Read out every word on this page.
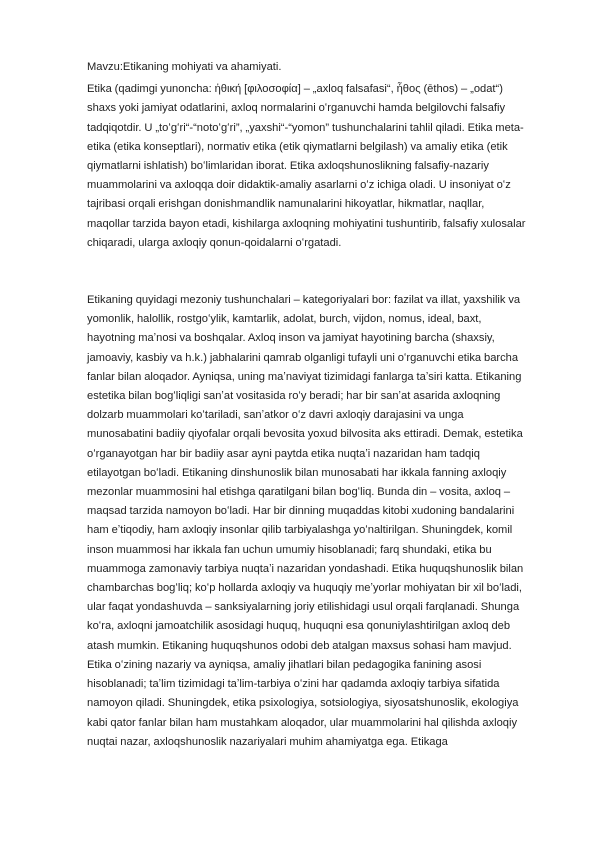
Mavzu:Etikaning mohiyati va ahamiyati.

Etika (qadimgi yunoncha: ἠθική [φιλοσοφία] – „axloq falsafasi“, ἦθος (ēthos) – „odat“) shaxs yoki jamiyat odatlarini, axloq normalarini oʻrganuvchi hamda belgilovchi falsafiy tadqiqotdir. U „toʻgʻri“-“notoʻgʻri”, „yaxshi“-“yomon” tushunchalarini tahlil qiladi. Etika meta-etika (etika konseptlari), normativ etika (etik qiymatlarni belgilash) va amaliy etika (etik qiymatlarni ishlatish) boʻlimlaridan iborat. Etika axloqshunoslikning falsafiy-nazariy muammolarini va axloqqa doir didaktik-amaliy asarlarni oʻz ichiga oladi. U insoniyat oʻz tajribasi orqali erishgan donishmandlik namunalarini hikoyatlar, hikmatlar, naqllar, maqollar tarzida bayon etadi, kishilarga axloqning mohiyatini tushuntirib, falsafiy xulosalar chiqaradi, ularga axloqiy qonun-qoidalarni oʻrgatadi.

Etikaning quyidagi mezoniy tushunchalari – kategoriyalari bor: fazilat va illat, yaxshilik va yomonlik, halollik, rostgoʻylik, kamtarlik, adolat, burch, vijdon, nomus, ideal, baxt, hayotning maʼnosi va boshqalar. Axloq inson va jamiyat hayotining barcha (shaxsiy, jamoaviy, kasbiy va h.k.) jabhalarini qamrab olganligi tufayli uni oʻrganuvchi etika barcha fanlar bilan aloqador. Ayniqsa, uning maʼnaviyat tizimidagi fanlarga taʼsiri katta. Etikaning estetika bilan bogʻliqligi sanʼat vositasida roʻy beradi; har bir sanʼat asarida axloqning dolzarb muammolari koʻtariladi, sanʼatkor oʻz davri axloqiy darajasini va unga munosabatini badiiy qiyofalar orqali bevosita yoxud bilvosita aks ettiradi. Demak, estetika oʻrganayotgan har bir badiiy asar ayni paytda etika nuqtaʼi nazaridan ham tadqiq etilayotgan boʻladi. Etikaning dinshunoslik bilan munosabati har ikkala fanning axloqiy mezonlar muammosini hal etishga qaratilgani bilan bogʻliq. Bunda din – vosita, axloq – maqsad tarzida namoyon boʻladi. Har bir dinning muqaddas kitobi xudoning bandalarini ham eʼtiqodiy, ham axloqiy insonlar qilib tarbiyalashga yoʻnaltirilgan. Shuningdek, komil inson muammosi har ikkala fan uchun umumiy hisoblanadi; farq shundaki, etika bu muammoga zamonaviy tarbiya nuqtaʼi nazaridan yondashadi. Etika huquqshunoslik bilan chambarchas bogʻliq; koʻp hollarda axloqiy va huquqiy meʼyorlar mohiyatan bir xil boʻladi, ular faqat yondashuvda – sanksiyalarning joriy etilishidagi usul orqali farqlanadi. Shunga koʻra, axloqni jamoatchilik asosidagi huquq, huquqni esa qonuniylashtirilgan axloq deb atash mumkin. Etikaning huquqshunos odobi deb atalgan maxsus sohasi ham mavjud. Etika oʻzining nazariy va ayniqsa, amaliy jihatlari bilan pedagogika fanining asosi hisoblanadi; taʼlim tizimidagi taʼlim-tarbiya oʻzini har qadamda axloqiy tarbiya sifatida namoyon qiladi. Shuningdek, etika psixologiya, sotsiologiya, siyosatshunoslik, ekologiya kabi qator fanlar bilan ham mustahkam aloqador, ular muammolarini hal qilishda axloqiy nuqtai nazar, axloqshunoslik nazariyalari muhim ahamiyatga ega. Etikaga
